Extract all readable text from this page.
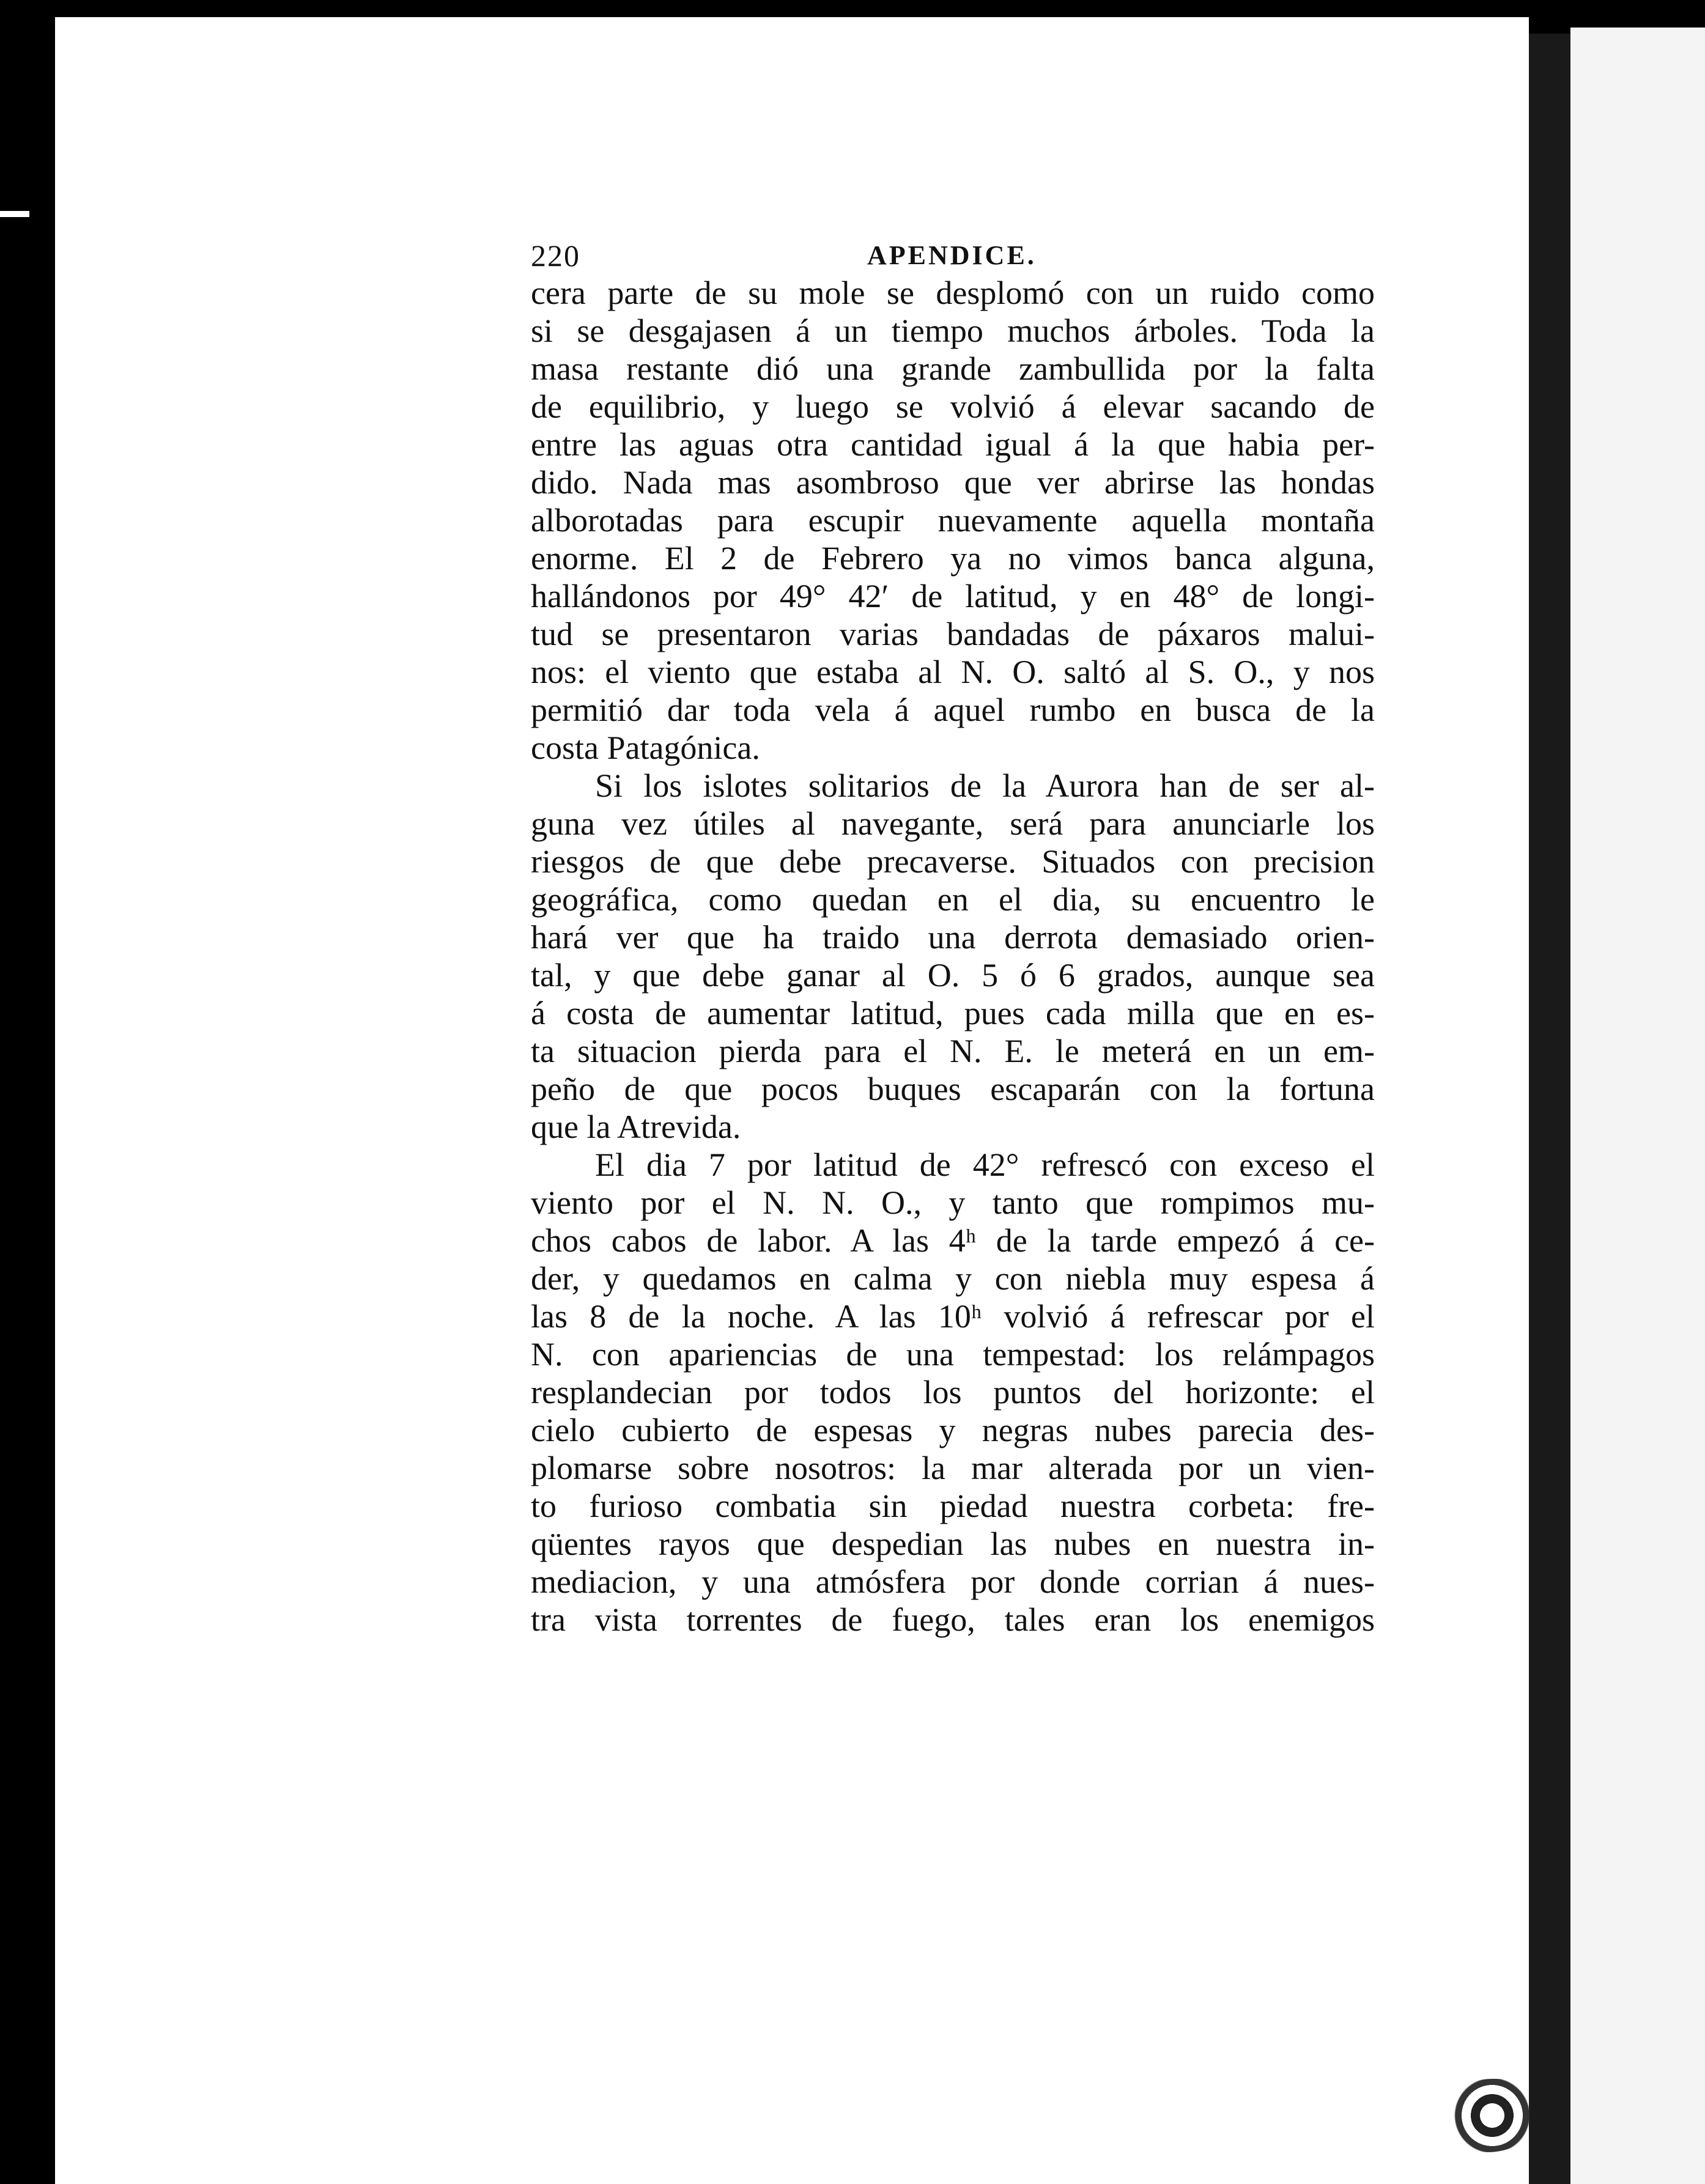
220	APENDICE.
cera parte de su mole se desplomó con un ruido como
si se desgajasen á un tiempo muchos árboles. Toda la
masa restante dió una grande zambullida por la falta
de equilibrio, y luego se volvió á elevar sacando de
entre las aguas otra cantidad igual á la que habia per-
dido. Nada mas asombroso que ver abrirse las hondas
alborotadas para escupir nuevamente aquella montaña
enorme. El 2 de Febrero ya no vimos banca alguna,
hallándonos por 49° 42′ de latitud, y en 48° de longi-
tud se presentaron varias bandadas de páxaros malui-
nos: el viento que estaba al N. O. saltó al S. O., y nos
permitió dar toda vela á aquel rumbo en busca de la
costa Patagónica.
Si los islotes solitarios de la Aurora han de ser al-
guna vez útiles al navegante, será para anunciarle los
riesgos de que debe precaverse. Situados con precision
geográfica, como quedan en el dia, su encuentro le
hará ver que ha traido una derrota demasiado orien-
tal, y que debe ganar al O. 5 ó 6 grados, aunque sea
á costa de aumentar latitud, pues cada milla que en es-
ta situacion pierda para el N. E. le meterá en un em-
peño de que pocos buques escaparán con la fortuna
que la Atrevida.
El dia 7 por latitud de 42° refrescó con exceso el
viento por el N. N. O., y tanto que rompimos mu-
chos cabos de labor. A las 4ʰ de la tarde empezó á ce-
der, y quedamos en calma y con niebla muy espesa á
las 8 de la noche. A las 10ʰ volvió á refrescar por el
N. con apariencias de una tempestad: los relámpagos
resplandecian por todos los puntos del horizonte: el
cielo cubierto de espesas y negras nubes parecia des-
plomarse sobre nosotros: la mar alterada por un vien-
to furioso combatia sin piedad nuestra corbeta: fre-
qüentes rayos que despedian las nubes en nuestra in-
mediacion, y una atmósfera por donde corrian á nues-
tra vista torrentes de fuego, tales eran los enemigos
